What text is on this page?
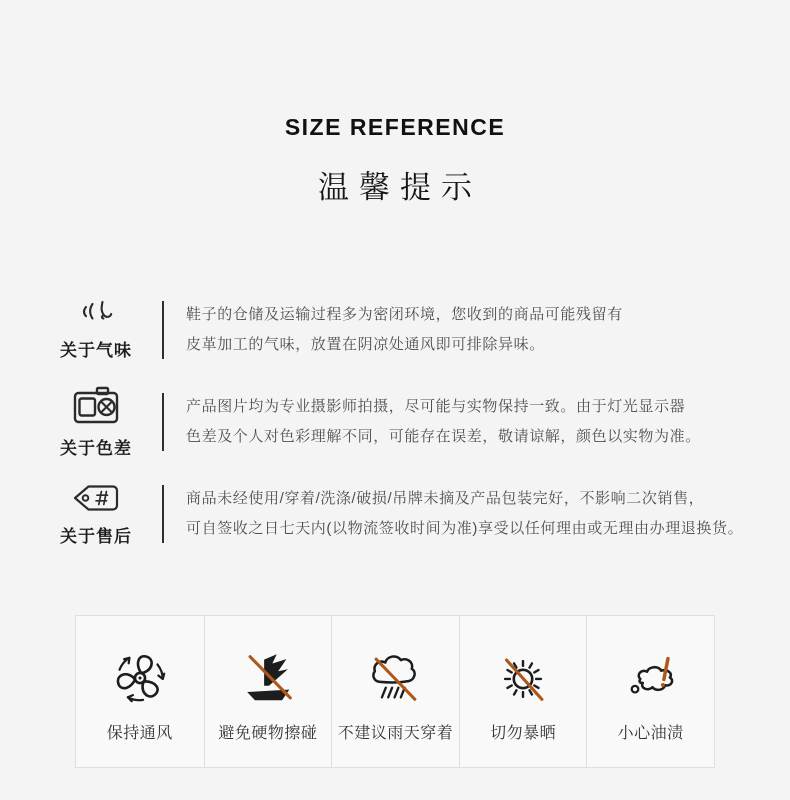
SIZE REFERENCE
温馨提示
关于气味

鞋子的仓储及运输过程多为密闭环境，您收到的商品可能残留有
皮革加工的气味，放置在阴凉处通风即可排除异味。

关于色差

产品图片均为专业摄影师拍摄，尽可能与实物保持一致。由于灯光显示器
色差及个人对色彩理解不同，可能存在误差，敬请谅解，颜色以实物为准。

关于售后

商品未经使用/穿着/洗涤/破损/吊牌未摘及产品包装完好，不影响二次销售，
可自签收之日七天内(以物流签收时间为准)享受以任何理由或无理由办理退换货。

保持通风	避免硬物擦碰 不建议雨天穿着 切勿暴晒	小心油渍
